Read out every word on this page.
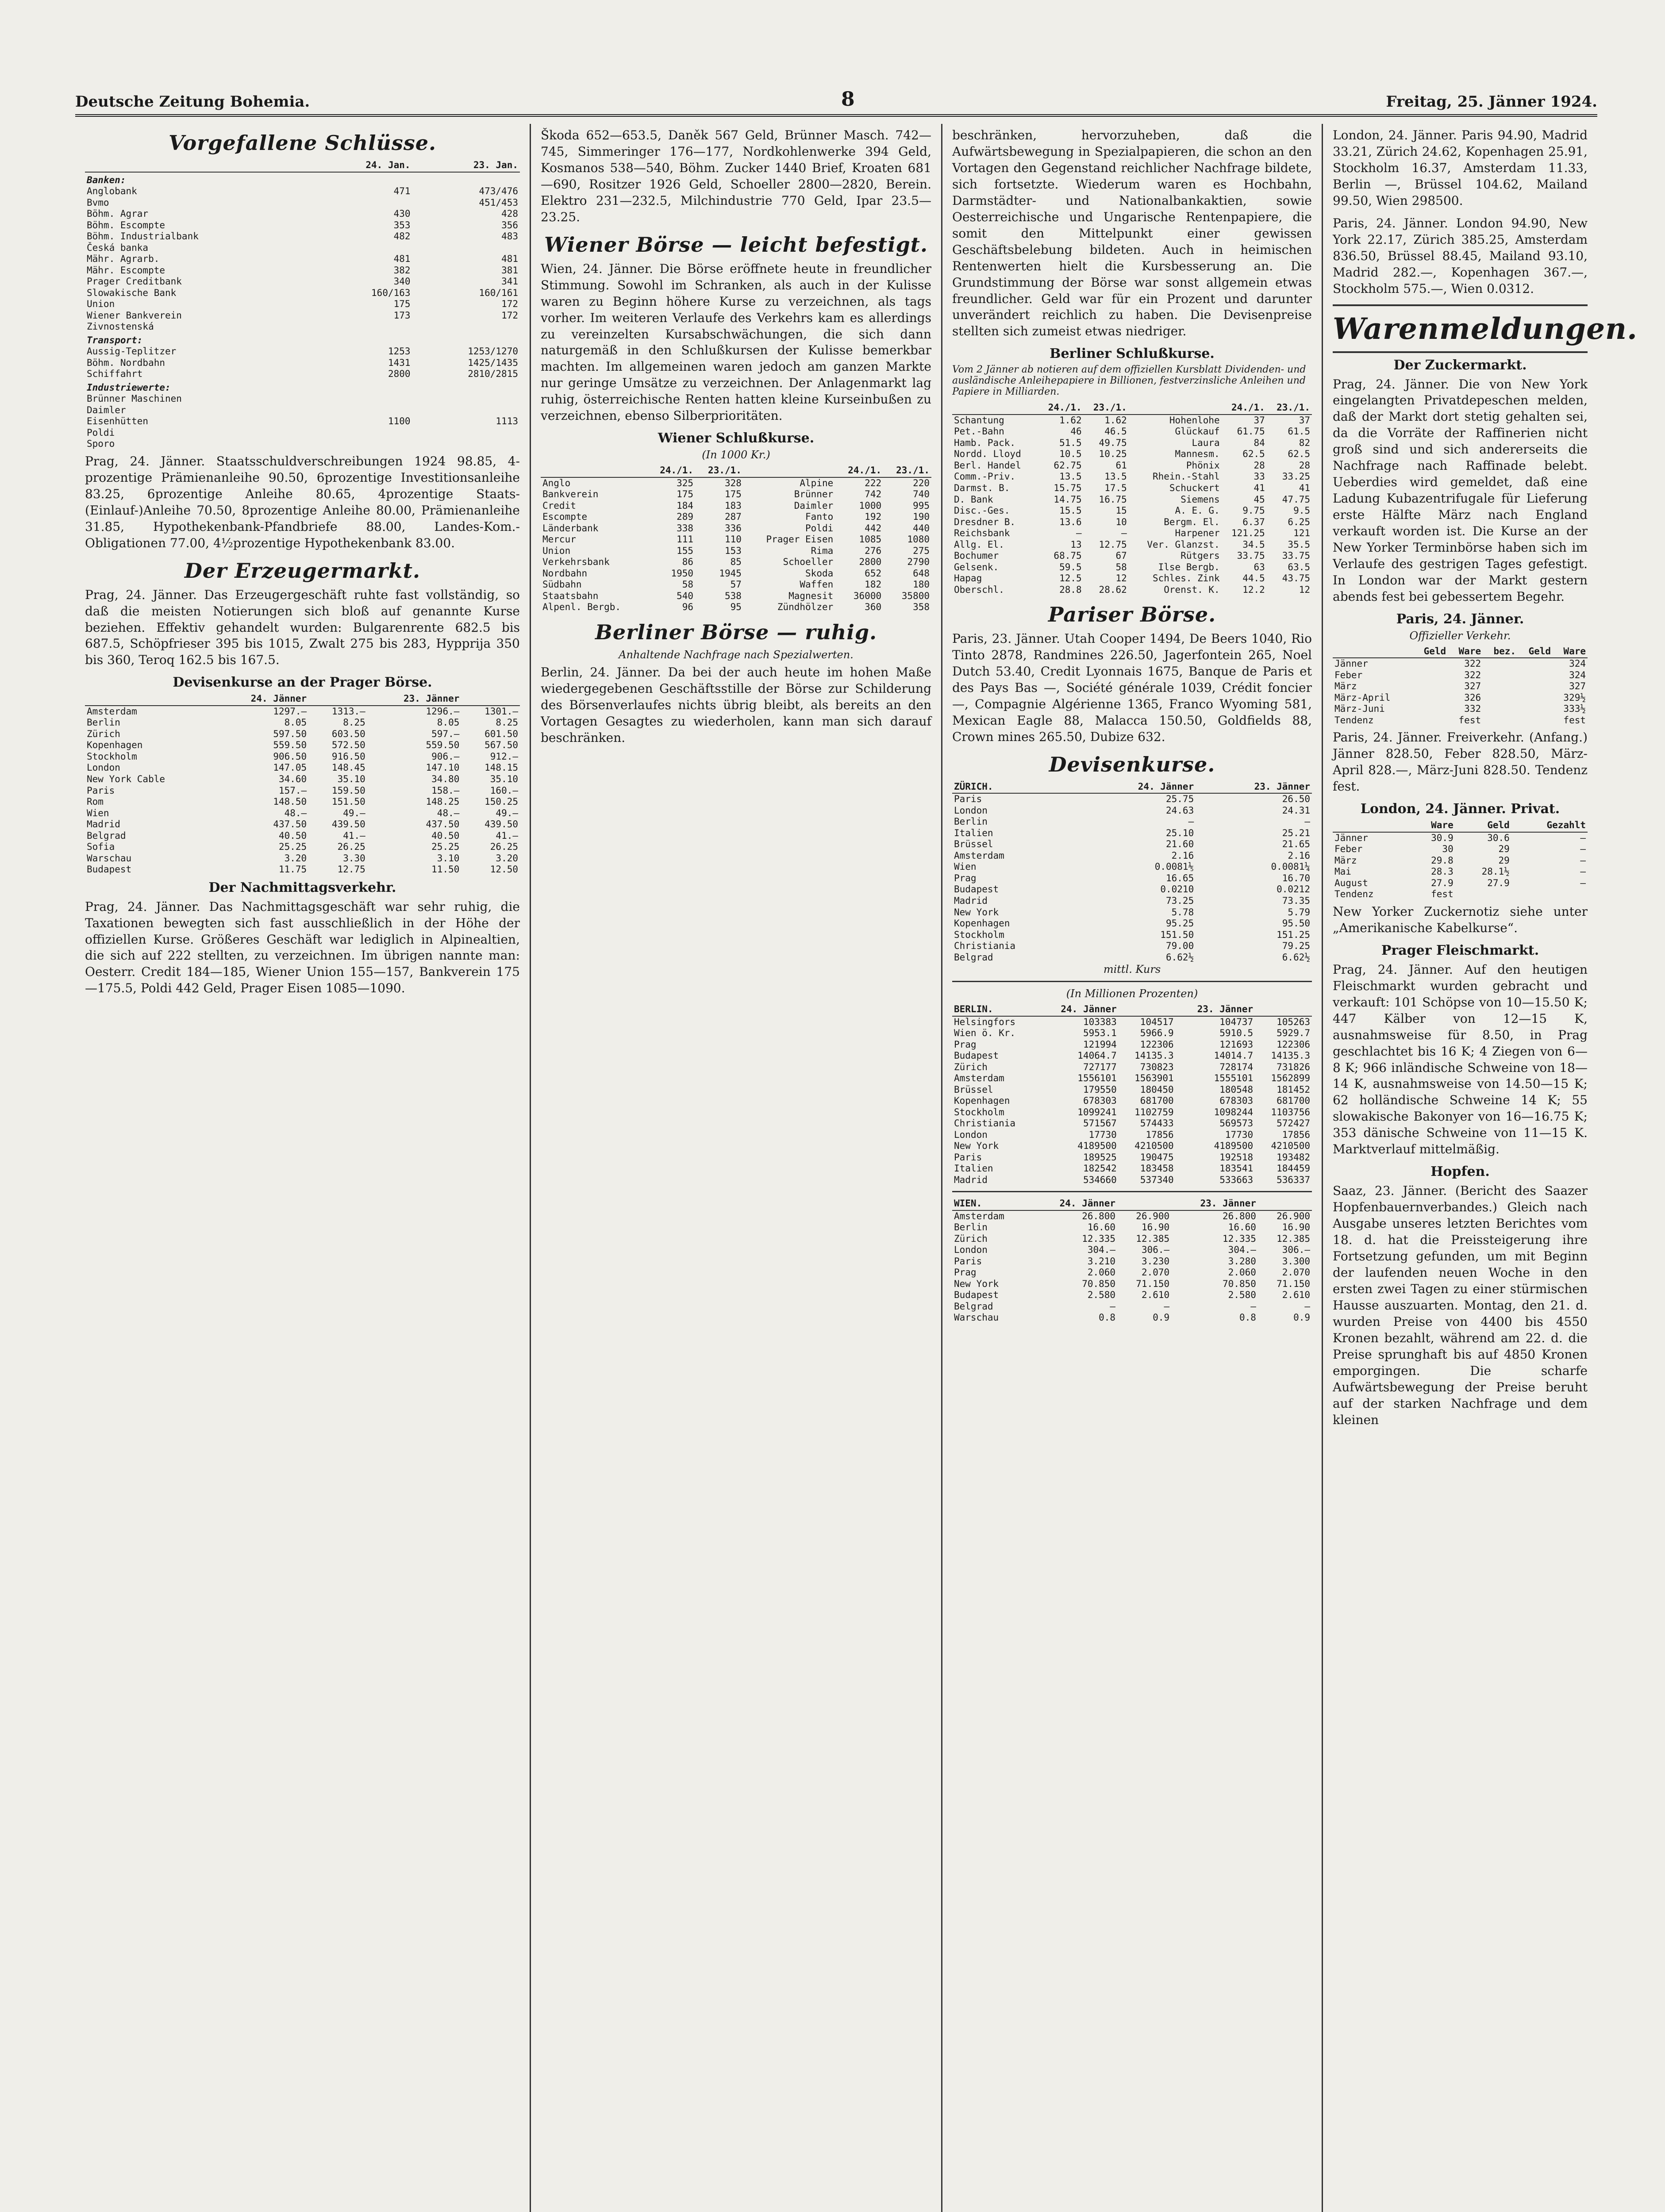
Deutsche Zeitung Bohemia.	8	Freitag, 25. Jänner 1924.
Vorgefallene Schlüsse.
	24. Jan.	23. Jan.
Banken:		
Anglobank	471	473/476
Bvmo		451/453
Böhm. Agrar	430	428
Böhm. Escompte	353	356
Böhm. Industrialbank	482	483
Česká banka		
Mähr. Agrarb.	481	481
Mähr. Escompte	382	381
Prager Creditbank	340	341
Slowakische Bank	160/163	160/161
Union	175	172
Wiener Bankverein	173	172
Zivnostenská		
Transport:		
Aussig-Teplitzer	1253	1253/1270
Böhm. Nordbahn	1431	1425/1435
Schiffahrt	2800	2810/2815
Industriewerte:		
Brünner Maschinen		
Daimler		
Eisenhütten	1100	1113
Poldi		
Sporo		

Prag, 24. Jänner. Staatsschuldverschreibungen 1924 98.85, 4-prozentige Prämienanleihe 90.50, 6prozentige Investitionsanleihe 83.25, 6prozentige Anleihe 80.65, 4prozentige Staats-(Einlauf-)Anleihe 70.50, 8prozentige Anleihe 80.00, Prämienanleihe 31.85, Hypothekenbank-Pfandbriefe 88.00, Landes-Kom.-Obligationen 77.00, 4½prozentige Hypothekenbank 83.00.

Der Erzeugermarkt.

Prag, 24. Jänner. Das Erzeugergeschäft ruhte fast vollständig, so daß die meisten Notierungen sich bloß auf genannte Kurse beziehen. Effektiv gehandelt wurden: Bulgarenrente 682.5 bis 687.5, Schöpfrieser 395 bis 1015, Zwalt 275 bis 283, Hypprija 350 bis 360, Teroq 162.5 bis 167.5.

Devisenkurse an der Prager Börse.
	24. Jänner		23. Jänner	
Amsterdam	1297.—	1313.—	1296.—	1301.—
Berlin	8.05	8.25	8.05	8.25
Zürich	597.50	603.50	597.—	601.50
Kopenhagen	559.50	572.50	559.50	567.50
Stockholm	906.50	916.50	906.—	912.—
London	147.05	148.45	147.10	148.15
New York Cable	34.60	35.10	34.80	35.10
Paris	157.—	159.50	158.—	160.—
Rom	148.50	151.50	148.25	150.25
Wien	48.—	49.—	48.—	49.—
Madrid	437.50	439.50	437.50	439.50
Belgrad	40.50	41.—	40.50	41.—
Sofia	25.25	26.25	25.25	26.25
Warschau	3.20	3.30	3.10	3.20
Budapest	11.75	12.75	11.50	12.50
Der Nachmittagsverkehr.

Prag, 24. Jänner. Das Nachmittagsgeschäft war sehr ruhig, die Taxationen bewegten sich fast ausschließlich in der Höhe der offiziellen Kurse. Größeres Geschäft war lediglich in Alpinealtien, die sich auf 222 stellten, zu verzeichnen. Im übrigen nannte man: Oesterr. Credit 184—185, Wiener Union 155—157, Bankverein 175—175.5, Poldi 442 Geld, Prager Eisen 1085—1090.

Škoda 652—653.5, Daněk 567 Geld, Brünner Masch. 742—745, Simmeringer 176—177, Nordkohlenwerke 394 Geld, Kosmanos 538—540, Böhm. Zucker 1440 Brief, Kroaten 681—690, Rositzer 1926 Geld, Schoeller 2800—2820, Berein. Elektro 231—232.5, Milchindustrie 770 Geld, Ipar 23.5—23.25.

Wiener Börse — leicht befestigt.

Wien, 24. Jänner. Die Börse eröffnete heute in freundlicher Stimmung. Sowohl im Schranken, als auch in der Kulisse waren zu Beginn höhere Kurse zu verzeichnen, als tags vorher. Im weiteren Verlaufe des Verkehrs kam es allerdings zu vereinzelten Kursabschwächungen, die sich dann naturgemäß in den Schlußkursen der Kulisse bemerkbar machten. Im allgemeinen waren jedoch am ganzen Markte nur geringe Umsätze zu verzeichnen. Der Anlagenmarkt lag ruhig, österreichische Renten hatten kleine Kurseinbußen zu verzeichnen, ebenso Silberprioritäten.

Wiener Schlußkurse.
(In 1000 Kr.)
	24./1.	23./1.		24./1.	23./1.
Anglo	325	328	Alpine	222	220
Bankverein	175	175	Brünner	742	740
Credit	184	183	Daimler	1000	995
Escompte	289	287	Fanto	192	190
Länderbank	338	336	Poldi	442	440
Mercur	111	110	Prager Eisen	1085	1080
Union	155	153	Rima	276	275
Verkehrsbank	86	85	Schoeller	2800	2790
Nordbahn	1950	1945	Skoda	652	648
Südbahn	58	57	Waffen	182	180
Staatsbahn	540	538	Magnesit	36000	35800
Alpenl. Bergb.	96	95	Zündhölzer	360	358
Berliner Börse — ruhig.
Anhaltende Nachfrage nach Spezialwerten.

Berlin, 24. Jänner. Da bei der auch heute im hohen Maße wiedergegebenen Geschäftsstille der Börse zur Schilderung des Börsenverlaufes nichts übrig bleibt, als bereits an den Vortagen Gesagtes zu wiederholen, kann man sich darauf beschränken.

beschränken, hervorzuheben, daß die Aufwärtsbewegung in Spezialpapieren, die schon an den Vortagen den Gegenstand reichlicher Nachfrage bildete, sich fortsetzte. Wiederum waren es Hochbahn, Darmstädter- und Nationalbankaktien, sowie Oesterreichische und Ungarische Rentenpapiere, die somit den Mittelpunkt einer gewissen Geschäftsbelebung bildeten. Auch in heimischen Rentenwerten hielt die Kursbesserung an. Die Grundstimmung der Börse war sonst allgemein etwas freundlicher. Geld war für ein Prozent und darunter unverändert reichlich zu haben. Die Devisenpreise stellten sich zumeist etwas niedriger.

Berliner Schlußkurse.
Vom 2 Jänner ab notieren auf dem offiziellen Kursblatt Dividenden- und ausländische Anleihepapiere in Billionen, festverzinsliche Anleihen und Papiere in Milliarden.
	24./1.	23./1.		24./1.	23./1.
Schantung	1.62	1.62	Hohenlohe	37	37
Pet.-Bahn	46	46.5	Glückauf	61.75	61.5
Hamb. Pack.	51.5	49.75	Laura	84	82
Nordd. Lloyd	10.5	10.25	Mannesm.	62.5	62.5
Berl. Handel	62.75	61	Phönix	28	28
Comm.-Priv.	13.5	13.5	Rhein.-Stahl	33	33.25
Darmst. B.	15.75	17.5	Schuckert	41	41
D. Bank	14.75	16.75	Siemens	45	47.75
Disc.-Ges.	15.5	15	A. E. G.	9.75	9.5
Dresdner B.	13.6	10	Bergm. El.	6.37	6.25
Reichsbank	—	—	Harpener	121.25	121
Allg. El.	13	12.75	Ver. Glanzst.	34.5	35.5
Bochumer	68.75	67	Rütgers	33.75	33.75
Gelsenk.	59.5	58	Ilse Bergb.	63	63.5
Hapag	12.5	12	Schles. Zink	44.5	43.75
Oberschl.	28.8	28.62	Orenst. K.	12.2	12
Pariser Börse.

Paris, 23. Jänner. Utah Cooper 1494, De Beers 1040, Rio Tinto 2878, Randmines 226.50, Jagerfontein 265, Noel Dutch 53.40, Credit Lyonnais 1675, Banque de Paris et des Pays Bas —, Société générale 1039, Crédit foncier —, Compagnie Algérienne 1365, Franco Wyoming 581, Mexican Eagle 88, Malacca 150.50, Goldfields 88, Crown mines 265.50, Dubize 632.

Devisenkurse.
ZÜRICH.	24. Jänner	23. Jänner
Paris	25.75	26.50
London	24.63	24.31
Berlin	—	—
Italien	25.10	25.21
Brüssel	21.60	21.65
Amsterdam	2.16	2.16
Wien	0.0081⅕	0.0081¼
Prag	16.65	16.70
Budapest	0.0210	0.0212
Madrid	73.25	73.35
New York	5.78	5.79
Kopenhagen	95.25	95.50
Stockholm	151.50	151.25
Christiania	79.00	79.25
Belgrad	6.62½	6.62½
mittl. Kurs
(In Millionen Prozenten)
BERLIN.	24. Jänner		23. Jänner	
Helsingfors	103383	104517	104737	105263
Wien ö. Kr.	5953.1	5966.9	5910.5	5929.7
Prag	121994	122306	121693	122306
Budapest	14064.7	14135.3	14014.7	14135.3
Zürich	727177	730823	728174	731826
Amsterdam	1556101	1563901	1555101	1562899
Brüssel	179550	180450	180548	181452
Kopenhagen	678303	681700	678303	681700
Stockholm	1099241	1102759	1098244	1103756
Christiania	571567	574433	569573	572427
London	17730	17856	17730	17856
New York	4189500	4210500	4189500	4210500
Paris	189525	190475	192518	193482
Italien	182542	183458	183541	184459
Madrid	534660	537340	533663	536337
WIEN.	24. Jänner		23. Jänner	
Amsterdam	26.800	26.900	26.800	26.900
Berlin	16.60	16.90	16.60	16.90
Zürich	12.335	12.385	12.335	12.385
London	304.—	306.—	304.—	306.—
Paris	3.210	3.230	3.280	3.300
Prag	2.060	2.070	2.060	2.070
New York	70.850	71.150	70.850	71.150
Budapest	2.580	2.610	2.580	2.610
Belgrad	—	—	—	—
Warschau	0.8	0.9	0.8	0.9

London, 24. Jänner. Paris 94.90, Madrid 33.21, Zürich 24.62, Kopenhagen 25.91, Stockholm 16.37, Amsterdam 11.33, Berlin —, Brüssel 104.62, Mailand 99.50, Wien 298500.

Paris, 24. Jänner. London 94.90, New York 22.17, Zürich 385.25, Amsterdam 836.50, Brüssel 88.45, Mailand 93.10, Madrid 282.—, Kopenhagen 367.—, Stockholm 575.—, Wien 0.0312.

Warenmeldungen.
Der Zuckermarkt.

Prag, 24. Jänner. Die von New York eingelangten Privatdepeschen melden, daß der Markt dort stetig gehalten sei, da die Vorräte der Raffinerien nicht groß sind und sich andererseits die Nachfrage nach Raffinade belebt. Ueberdies wird gemeldet, daß eine Ladung Kubazentrifugale für Lieferung erste Hälfte März nach England verkauft worden ist. Die Kurse an der New Yorker Terminbörse haben sich im Verlaufe des gestrigen Tages gefestigt. In London war der Markt gestern abends fest bei gebessertem Begehr.

Paris, 24. Jänner.
Offizieller Verkehr.
	Geld	Ware	bez.	Geld	Ware
Jänner		322			324
Feber		322			324
März		327			327
März-April		326			329½
März-Juni		332			333½
Tendenz		fest			fest

Paris, 24. Jänner. Freiverkehr. (Anfang.) Jänner 828.50, Feber 828.50, März-April 828.—, März-Juni 828.50. Tendenz fest.

London, 24. Jänner. Privat.
	Ware	Geld	Gezahlt
Jänner	30.9	30.6	—
Feber	30	29	—
März	29.8	29	—
Mai	28.3	28.1½	—
August	27.9	27.9	—
Tendenz	fest		

New Yorker Zuckernotiz siehe unter „Amerikanische Kabelkurse“.

Prager Fleischmarkt.

Prag, 24. Jänner. Auf den heutigen Fleischmarkt wurden gebracht und verkauft: 101 Schöpse von 10—15.50 K; 447 Kälber von 12—15 K, ausnahmsweise für 8.50, in Prag geschlachtet bis 16 K; 4 Ziegen von 6—8 K; 966 inländische Schweine von 18—14 K, ausnahmsweise von 14.50—15 K; 62 holländische Schweine 14 K; 55 slowakische Bakonyer von 16—16.75 K; 353 dänische Schweine von 11—15 K. Marktverlauf mittelmäßig.

Hopfen.

Saaz, 23. Jänner. (Bericht des Saazer Hopfenbauernverbandes.) Gleich nach Ausgabe unseres letzten Berichtes vom 18. d. hat die Preissteigerung ihre Fortsetzung gefunden, um mit Beginn der laufenden neuen Woche in den ersten zwei Tagen zu einer stürmischen Hausse auszuarten. Montag, den 21. d. wurden Preise von 4400 bis 4550 Kronen bezahlt, während am 22. d. die Preise sprunghaft bis auf 4850 Kronen emporgingen. Die scharfe Aufwärtsbewegung der Preise beruht auf der starken Nachfrage und dem kleinen
